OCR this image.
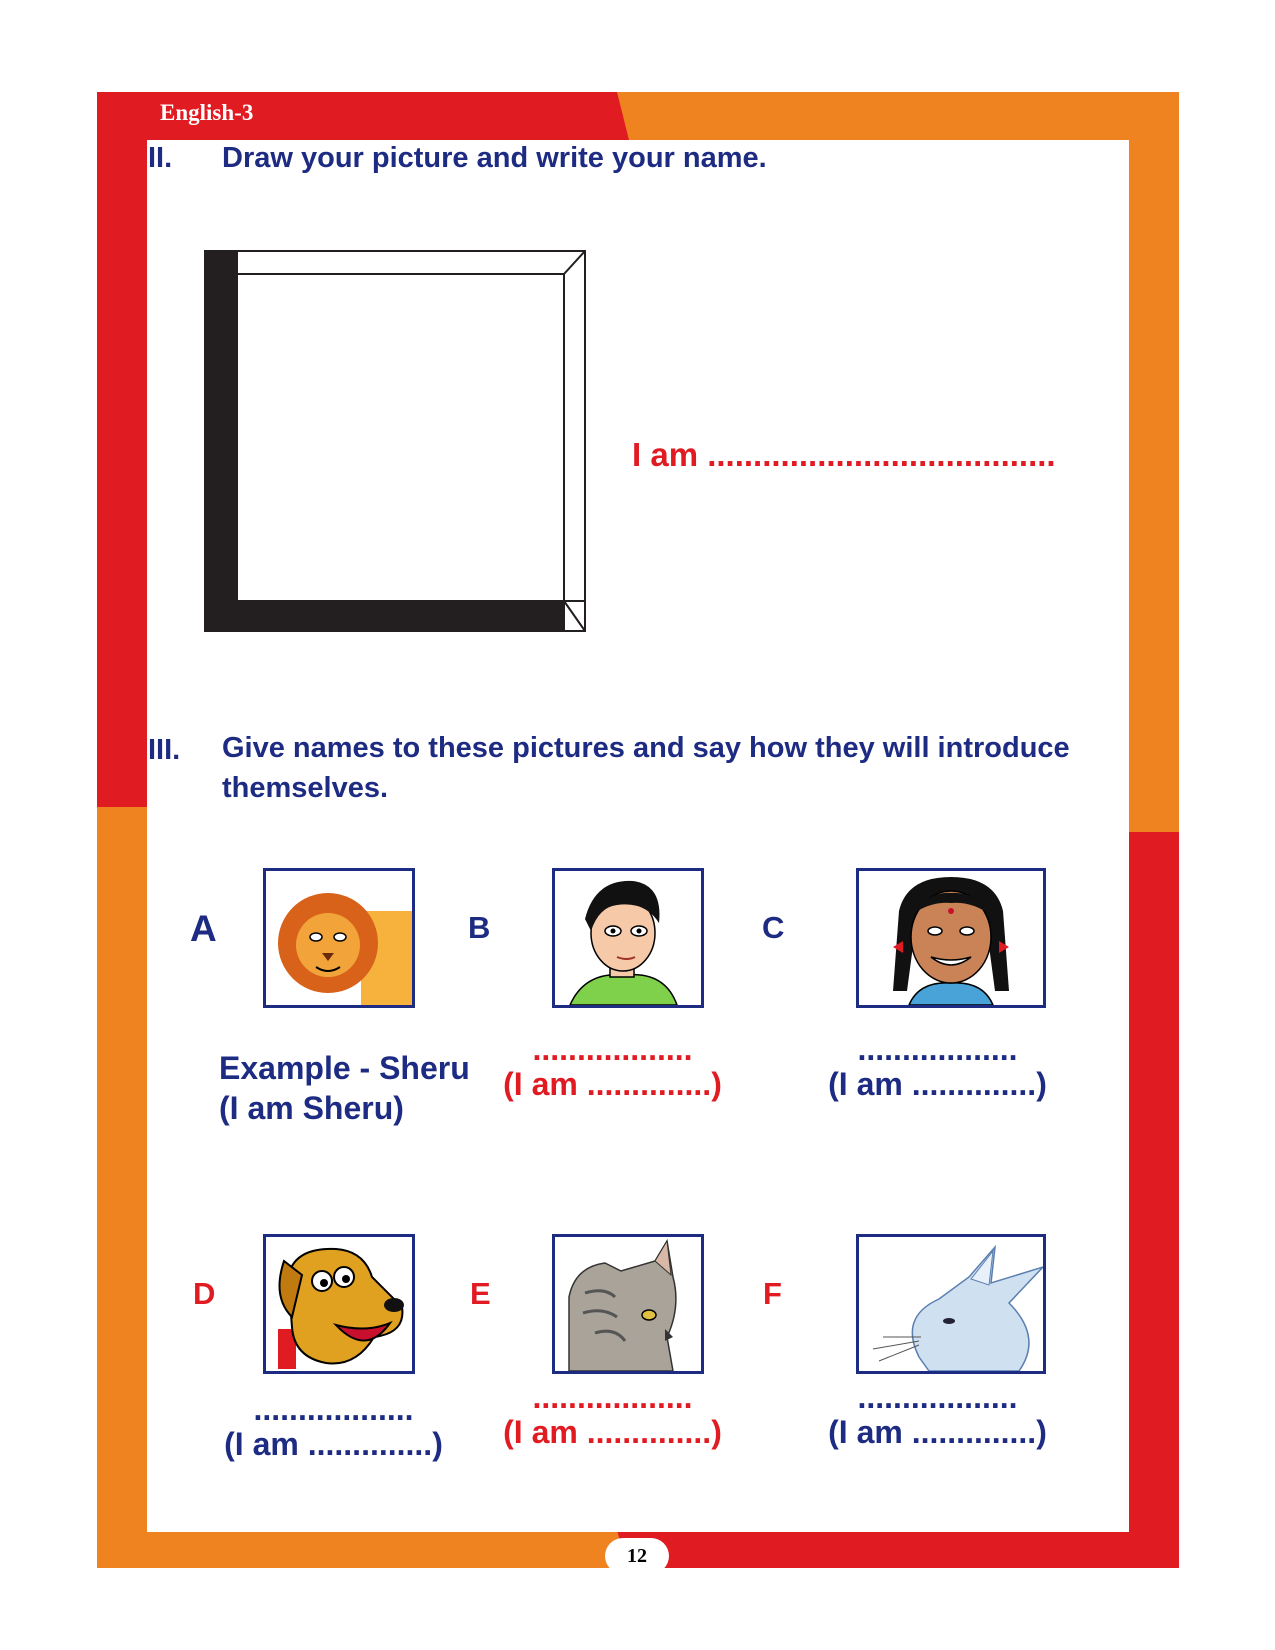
English-3
II. Draw your picture and write your name.
I am ......................................
III. Give names to these pictures and say how they will introduce
themselves.
A	B	C
D	E	F
Example - Sheru
(I am Sheru)
..................
(I am ..............)
..................
(I am ..............)
..................
(I am ..............)
..................
(I am ..............)
..................
(I am ..............)
12
